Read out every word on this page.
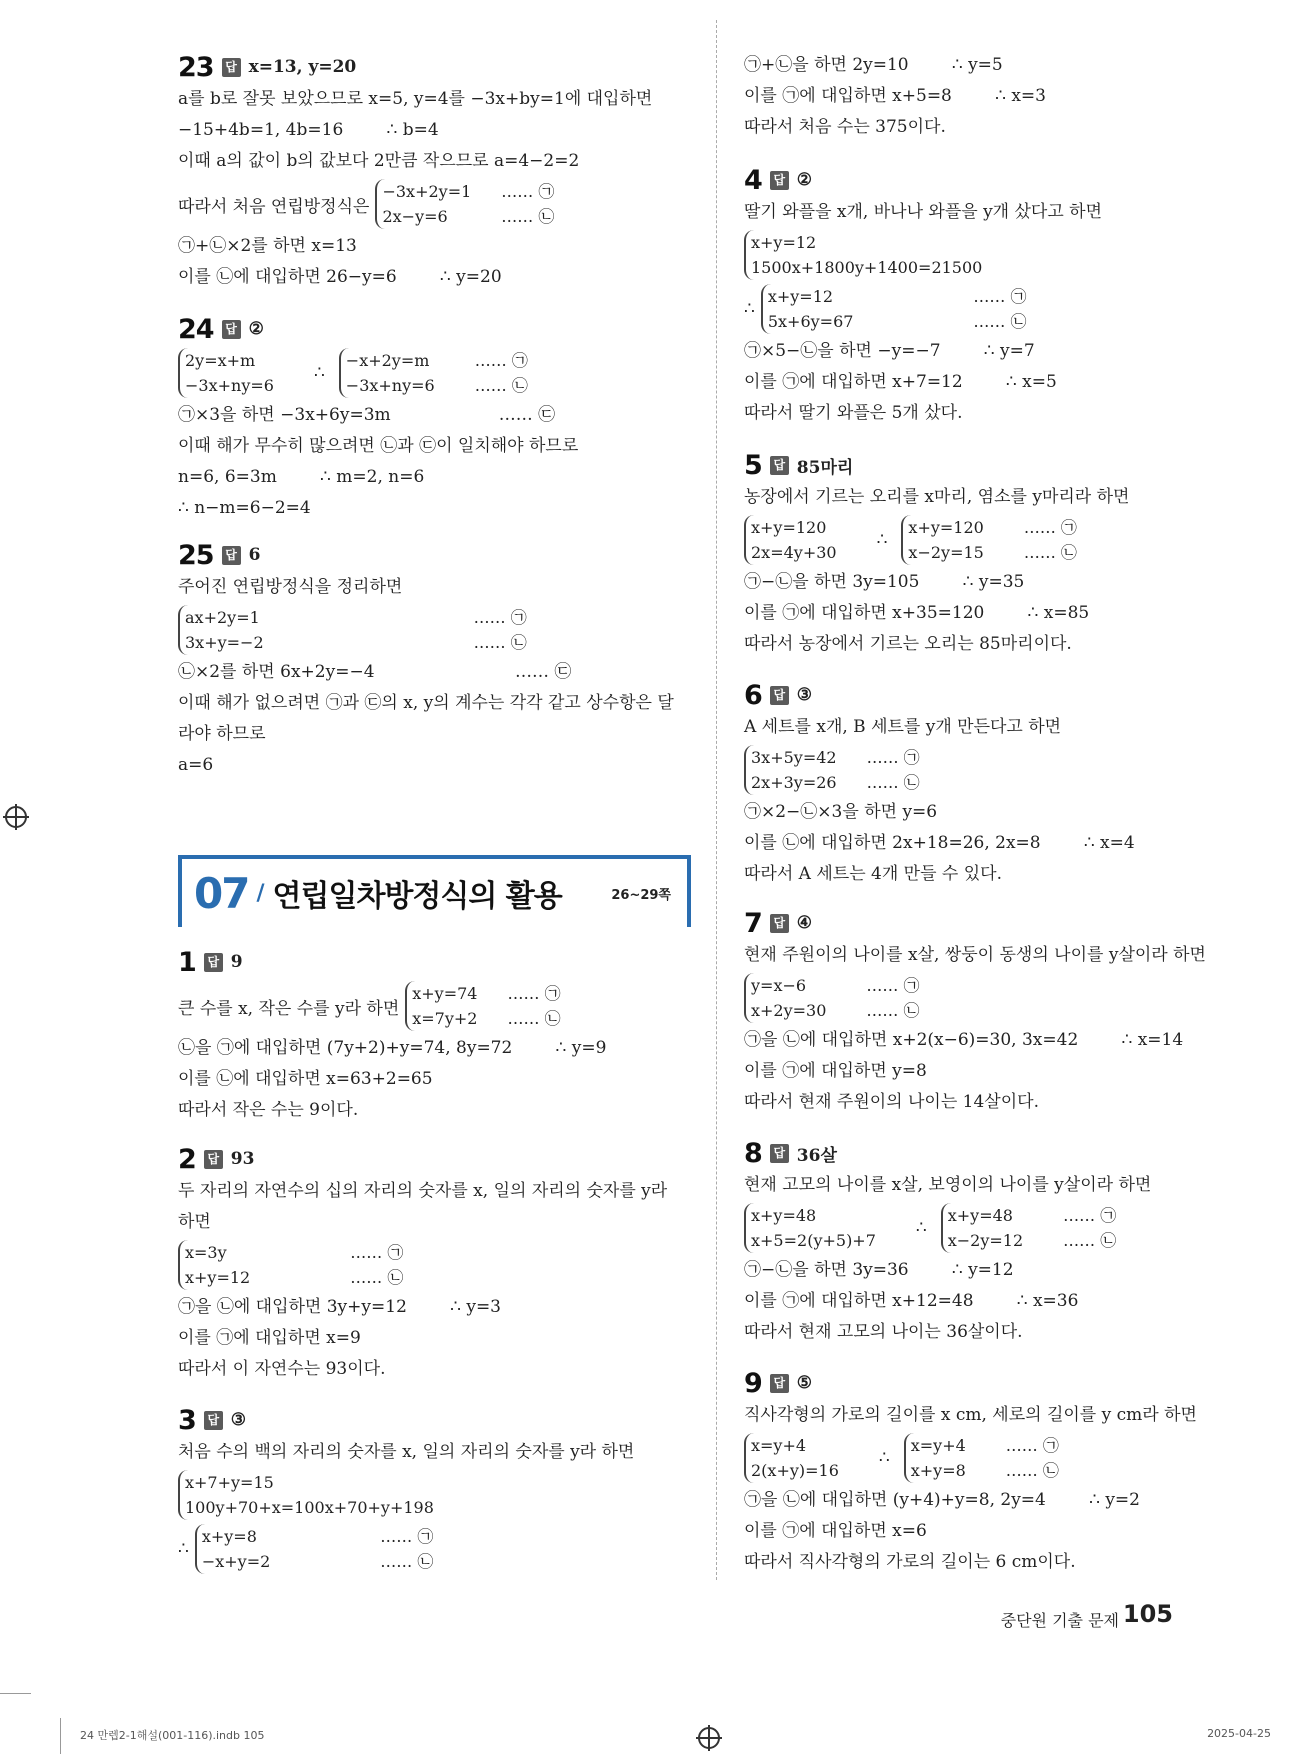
23 답 x=13, y=20
a를 b로 잘못 보았으므로 x=5, y=4를 −3x+by=1에 대입하면
−15+4b=1, 4b=16        ∴ b=4
이때 a의 값이 b의 값보다 2만큼 작으므로 a=4−2=2
따라서 처음 연립방정식은
−3x+2y=1
2x−y=6
…… ㉠
…… ㉡
㉠+㉡×2를 하면 x=13
이를 ㉡에 대입하면 26−y=6        ∴ y=20
24 답 ②
2y=x+m
−3x+ny=6
∴
−x+2y=m
−3x+ny=6
…… ㉠
…… ㉡
㉠×3을 하면 −3x+6y=3m                    …… ㉢
이때 해가 무수히 많으려면 ㉡과 ㉢이 일치해야 하므로
n=6, 6=3m        ∴ m=2, n=6
∴ n−m=6−2=4
25 답 6
주어진 연립방정식을 정리하면
ax+2y=1
3x+y=−2
…… ㉠
…… ㉡
㉡×2를 하면 6x+2y=−4                          …… ㉢
이때 해가 없으려면 ㉠과 ㉢의 x, y의 계수는 각각 같고 상수항은 달
라야 하므로
a=6
1 답 9
큰 수를 x, 작은 수를 y라 하면
x+y=74
x=7y+2
…… ㉠
…… ㉡
㉡을 ㉠에 대입하면 (7y+2)+y=74, 8y=72        ∴ y=9
이를 ㉡에 대입하면 x=63+2=65
따라서 작은 수는 9이다.
2 답 93
두 자리의 자연수의 십의 자리의 숫자를 x, 일의 자리의 숫자를 y라
하면
x=3y
x+y=12
…… ㉠
…… ㉡
㉠을 ㉡에 대입하면 3y+y=12        ∴ y=3
이를 ㉠에 대입하면 x=9
따라서 이 자연수는 93이다.
3 답 ③
처음 수의 백의 자리의 숫자를 x, 일의 자리의 숫자를 y라 하면
x+7+y=15
100y+70+x=100x+70+y+198
∴
x+y=8
−x+y=2
…… ㉠
…… ㉡
㉠+㉡을 하면 2y=10        ∴ y=5
이를 ㉠에 대입하면 x+5=8        ∴ x=3
따라서 처음 수는 375이다.
4 답 ②
딸기 와플을 x개, 바나나 와플을 y개 샀다고 하면
x+y=12
1500x+1800y+1400=21500
∴
x+y=12
5x+6y=67
…… ㉠
…… ㉡
㉠×5−㉡을 하면 −y=−7        ∴ y=7
이를 ㉠에 대입하면 x+7=12        ∴ x=5
따라서 딸기 와플은 5개 샀다.
5 답 85마리
농장에서 기르는 오리를 x마리, 염소를 y마리라 하면
x+y=120
2x=4y+30
∴
x+y=120
x−2y=15
…… ㉠
…… ㉡
㉠−㉡을 하면 3y=105        ∴ y=35
이를 ㉠에 대입하면 x+35=120        ∴ x=85
따라서 농장에서 기르는 오리는 85마리이다.
6 답 ③
A 세트를 x개, B 세트를 y개 만든다고 하면
3x+5y=42
2x+3y=26
…… ㉠
…… ㉡
㉠×2−㉡×3을 하면 y=6
이를 ㉡에 대입하면 2x+18=26, 2x=8        ∴ x=4
따라서 A 세트는 4개 만들 수 있다.
7 답 ④
현재 주원이의 나이를 x살, 쌍둥이 동생의 나이를 y살이라 하면
y=x−6
x+2y=30
…… ㉠
…… ㉡
㉠을 ㉡에 대입하면 x+2(x−6)=30, 3x=42        ∴ x=14
이를 ㉠에 대입하면 y=8
따라서 현재 주원이의 나이는 14살이다.
8 답 36살
현재 고모의 나이를 x살, 보영이의 나이를 y살이라 하면
x+y=48
x+5=2(y+5)+7
∴
x+y=48
x−2y=12
…… ㉠
…… ㉡
㉠−㉡을 하면 3y=36        ∴ y=12
이를 ㉠에 대입하면 x+12=48        ∴ x=36
따라서 현재 고모의 나이는 36살이다.
9 답 ⑤
직사각형의 가로의 길이를 x cm, 세로의 길이를 y cm라 하면
x=y+4
2(x+y)=16
∴
x=y+4
x+y=8
…… ㉠
…… ㉡
㉠을 ㉡에 대입하면 (y+4)+y=8, 2y=4        ∴ y=2
이를 ㉠에 대입하면 x=6
따라서 직사각형의 가로의 길이는 6 cm이다.
07 / 연립일차방정식의 활용	26~29쪽
중단원 기출 문제 105
24 만렙2-1해설(001-116).indb 105	2025-04-25
